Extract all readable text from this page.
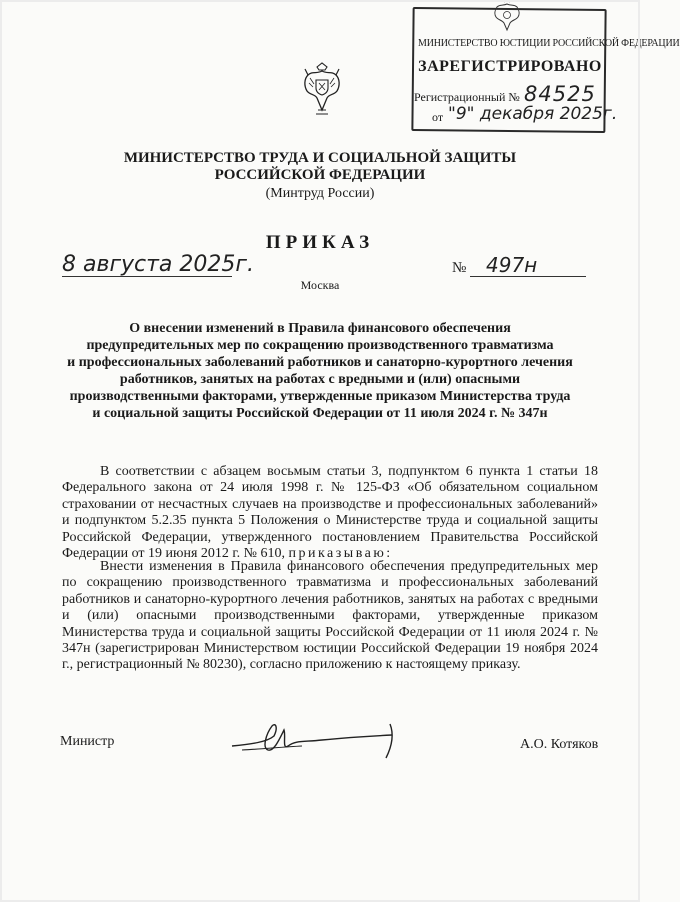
МИНИСТЕРСТВО ЮСТИЦИИ РОССИЙСКОЙ ФЕДЕРАЦИИ
ЗАРЕГИСТРИРОВАНО
Регистрационный № 84525
от "9" декабря 2025г.
МИНИСТЕРСТВО ТРУДА И СОЦИАЛЬНОЙ ЗАЩИТЫ
РОССИЙСКОЙ ФЕДЕРАЦИИ
(Минтруд России)
ПРИКАЗ
8 августа 2025г.	№ 497н
Москва
О внесении изменений в Правила финансового обеспечения
предупредительных мер по сокращению производственного травматизма
и профессиональных заболеваний работников и санаторно-курортного лечения
работников, занятых на работах с вредными и (или) опасными
производственными факторами, утвержденные приказом Министерства труда
и социальной защиты Российской Федерации от 11 июля 2024 г. № 347н

В соответствии с абзацем восьмым статьи 3, подпунктом 6 пункта 1 статьи 18 Федерального закона от 24 июля 1998 г. № 125-ФЗ «Об обязательном социальном страховании от несчастных случаев на производстве и профессиональных заболеваний» и подпунктом 5.2.35 пункта 5 Положения о Министерстве труда и социальной защиты Российской Федерации, утвержденного постановлением Правительства Российской Федерации от 19 июня 2012 г. № 610, приказываю:

Внести изменения в Правила финансового обеспечения предупредительных мер по сокращению производственного травматизма и профессиональных заболеваний работников и санаторно-курортного лечения работников, занятых на работах с вредными и (или) опасными производственными факторами, утвержденные приказом Министерства труда и социальной защиты Российской Федерации от 11 июля 2024 г. № 347н (зарегистрирован Министерством юстиции Российской Федерации 19 ноября 2024 г., регистрационный № 80230), согласно приложению к настоящему приказу.

Министр	А.О. Котяков
